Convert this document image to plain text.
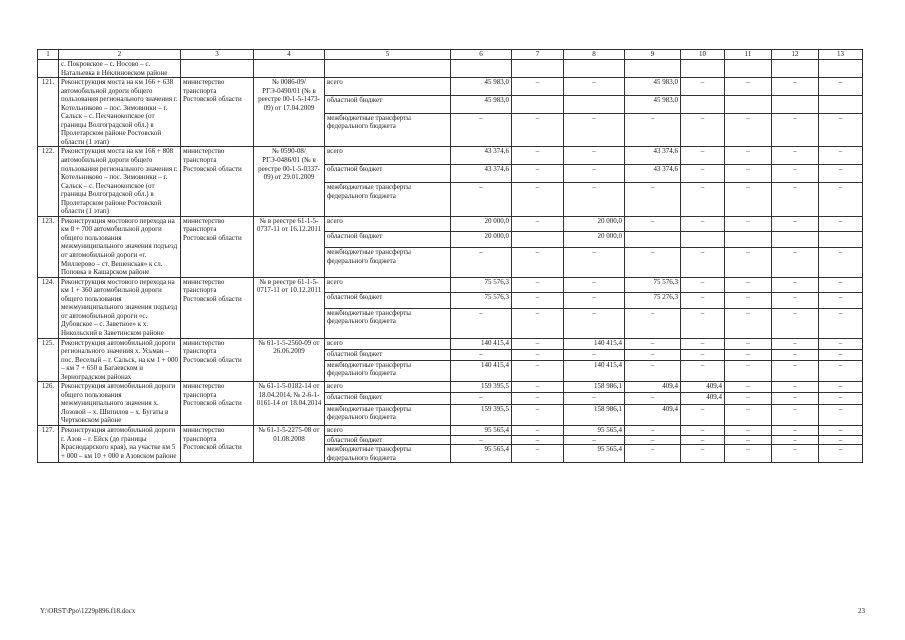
1	2	3	4	5	6	7	8	9	10	11	12	13
	с. Покровское – с. Носово – с. Натальевка в Неклиновском районе											
121.	Реконструкция моста на км 166 + 638 автомобильной дороги общего пользования регионального значения г. Котельниково – пос. Зимовники – г. Сальск – с. Песчанокопское (от границы Волгоградской обл.) в Пролетарском районе Ростовской области (1 этап)	министерство транспорта Ростовской области	№ 0086-09/ РГЭ-0490/01 (№ в реестре 00-1-5-1473-09) от 17.04.2009	всего	45 983,0	–	–	45 983,0	–	–	–	–
				областной бюджет	45 983,0			45 983,0				
				межбюджетные трансферты федерального бюджета	–	–	–	–	–	–	–	–
122.	Реконструкция моста на км 166 + 808 автомобильной дороги общего пользования регионального значения г. Котельниково – пос. Зимовники – г. Сальск – с. Песчанокопское (от границы Волгоградской обл.) в Пролетарском районе Ростовской области (1 этап)	министерство транспорта Ростовской области	№ 0590-08/ РГЭ-0486/01 (№ в реестре 00-1-5-0337-09) от 29.01.2009	всего	43 374,6	–	–	43 374,6	–	–	–	–
				областной бюджет	43 374,6	–	–	43 374,6	–	–	–	–
				межбюджетные трансферты федерального бюджета	–	–	–	–	–	–	–	–
123.	Реконструкция мостового перехода на км 0 + 700 автомобильной дороги общего пользования межмуниципального значения подъезд от автомобильной дороги «г. Миллерово – ст. Вешенская» к сл. Поповка в Кашарском районе	министерство транспорта Ростовской области	№ в реестре 61-1-5-0737-11 от 16.12.2011	всего	20 000,0	–	20 000,0	–	–	–	–	–
				областной бюджет	20 000,0		20 000,0					
				межбюджетные трансферты федерального бюджета	–	–	–	–	–	–	–	–
124.	Реконструкция мостового перехода на км 1 + 360 автомобильной дороги общего пользования межмуниципального значения подъезд от автомобильной дороги «с. Дубовское – с. Заветное» к х. Никольский в Заветинском районе	министерство транспорта Ростовской области	№ в реестре 61-1-5-0717-11 от 10.12.2011	всего	75 576,3	–	–	75 576,3	–	–	–	–
				областной бюджет	75 576,3	–	–	75 276,3	–	–	–	–
				межбюджетные трансферты федерального бюджета	–	–	–	–	–	–	–	–
125.	Реконструкция автомобильной дороги регионального значения х. Усьман – пос. Веселый – г. Сальск, на км 1 + 000 – км 7 + 650 в Багаевском и Зерноградском районах	министерство транспорта Ростовской области	№ 61-1-5-2560-09 от 26.06.2009	всего	140 415,4	–	140 415,4	–	–	–	–	–
				областной бюджет	–	–	–	–	–	–	–	–
				межбюджетные трансферты федерального бюджета	140 415,4	–	140 415,4	–	–	–	–	–
126.	Реконструкция автомобильной дороги общего пользования межмуниципального значения х. Лозовой – х. Шипилов – х. Бугаты в Чертковском районе	министерство транспорта Ростовской области	№ 61-1-5-0182-14 от 18.04.2014, № 2-6-1-0161-14 от 18.04.2014	всего	159 395,5	–	158 986,1	409,4	409,4	–	–	–
				областной бюджет	–	–	–	–	409,4	–	–	–
				межбюджетные трансферты федерального бюджета	159 395,5	–	158 986,1	409,4	–	–	–	–
127.	Реконструкция автомобильной дороги г. Азов – г. Ейск (до границы Краснодарского края), на участке км 5 + 000 – км 10 + 000 в Азовском районе	министерство транспорта Ростовской области	№ 61-1-5-2275-08 от 01.08.2008	всего	95 565,4	–	95 565,4	–	–	–	–	–
				областной бюджет	–	–	–	–	–	–	–	–
				межбюджетные трансферты федерального бюджета	95 565,4	–	95 565,4	–	–	–	–	–
Y:\ORST\Ppo\1229p896.f18.docx	23
